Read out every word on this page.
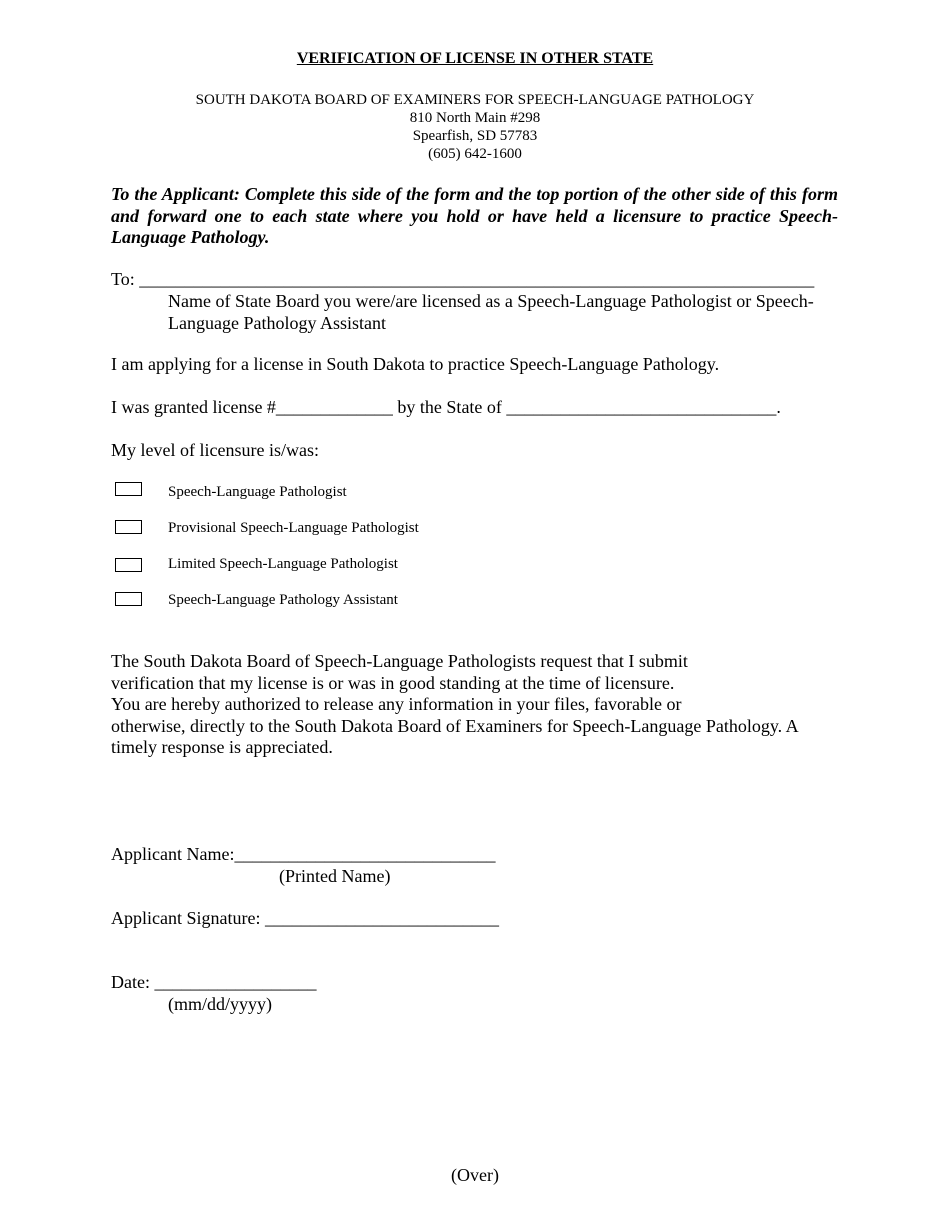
VERIFICATION OF LICENSE IN OTHER STATE
SOUTH DAKOTA BOARD OF EXAMINERS FOR SPEECH-LANGUAGE PATHOLOGY
810 North Main #298
Spearfish, SD 57783
(605) 642-1600
To the Applicant: Complete this side of the form and the top portion of the other side of this form and forward one to each state where you hold or have held a licensure to practice Speech-Language Pathology.
To: ___________________________________________________________________________
Name of State Board you were/are licensed as a Speech-Language Pathologist or Speech-Language Pathology Assistant
I am applying for a license in South Dakota to practice Speech-Language Pathology.
I was granted license #_____________ by the State of ______________________________.
My level of licensure is/was:
Speech-Language Pathologist
Provisional Speech-Language Pathologist
Limited Speech-Language Pathologist
Speech-Language Pathology Assistant
The South Dakota Board of Speech-Language Pathologists request that I submit
verification that my license is or was in good standing at the time of licensure.
You are hereby authorized to release any information in your files, favorable or
otherwise, directly to the South Dakota Board of Examiners for Speech-Language Pathology. A
timely response is appreciated.
Applicant Name:_____________________________
(Printed Name)
Applicant Signature: __________________________
Date: __________________
(mm/dd/yyyy)
(Over)
